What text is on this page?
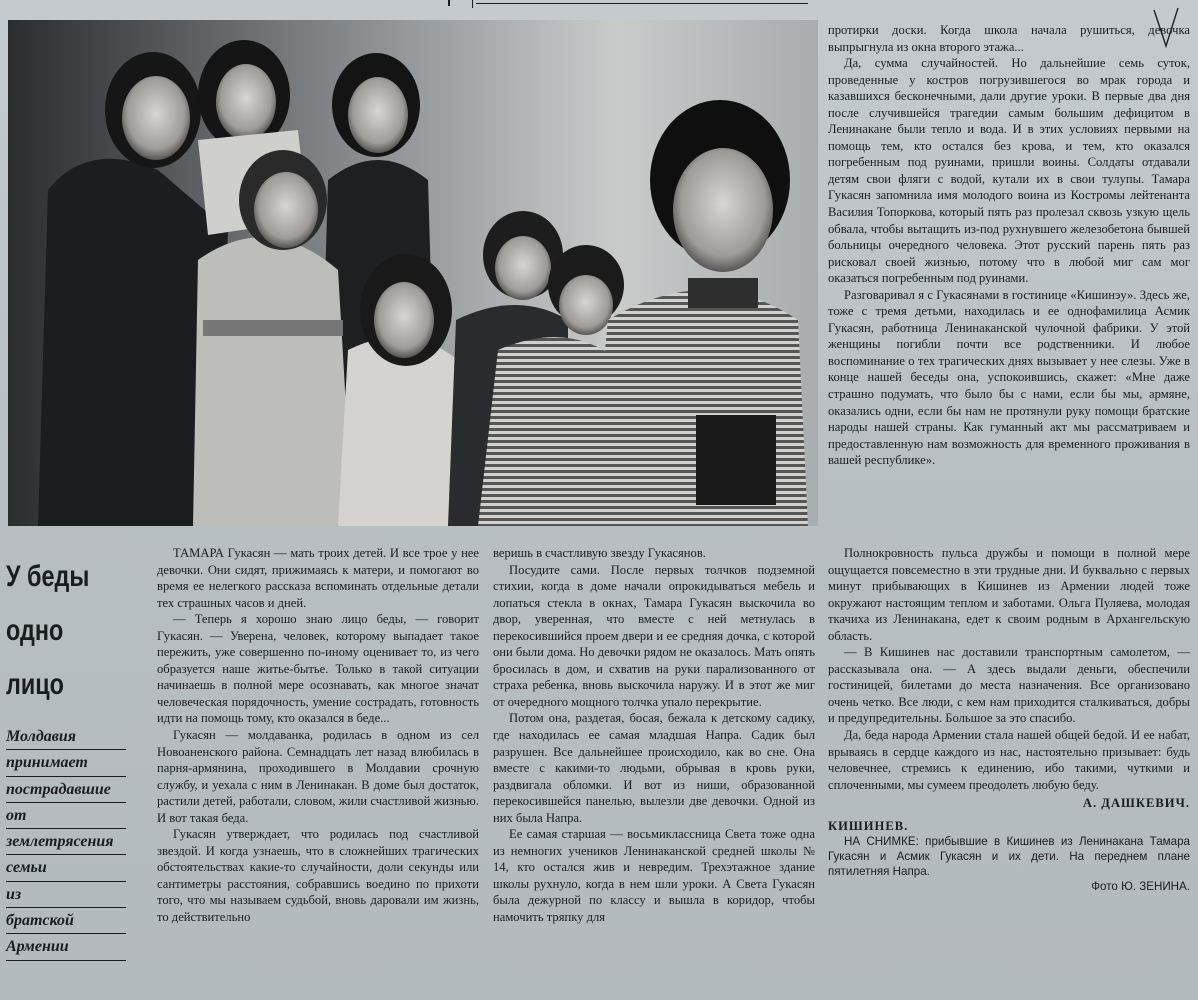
протирки доски. Когда школа начала рушиться, девочка выпрыгнула из окна второго этажа...

Да, сумма случайностей. Но дальнейшие семь суток, проведенные у костров погрузившегося во мрак города и казавшихся бесконечными, дали другие уроки. В первые два дня после случившейся трагедии самым большим дефицитом в Ленинакане были тепло и вода. И в этих условиях первыми на помощь тем, кто остался без крова, и тем, кто оказался погребенным под руинами, пришли воины. Солдаты отдавали детям свои фляги с водой, кутали их в свои тулупы. Тамара Гукасян запомнила имя молодого воина из Костромы лейтенанта Василия Топоркова, который пять раз пролезал сквозь узкую щель обвала, чтобы вытащить из-под рухнувшего железобетона бывшей больницы очередного человека. Этот русский парень пять раз рисковал своей жизнью, потому что в любой миг сам мог оказаться погребенным под руинами.

Разговаривал я с Гукасянами в гостинице «Кишинэу». Здесь же, тоже с тремя детьми, находилась и ее однофамилица Асмик Гукасян, работница Ленинаканской чулочной фабрики. У этой женщины погибли почти все родственники. И любое воспоминание о тех трагических днях вызывает у нее слезы. Уже в конце нашей беседы она, успокоившись, скажет: «Мне даже страшно подумать, что было бы с нами, если бы мы, армяне, оказались одни, если бы нам не протянули руку помощи братские народы нашей страны. Как гуманный акт мы рассматриваем и предоставленную нам возможность для временного проживания в вашей республике».

У беды
одно
лицо
Молдавия
принимает
пострадавшие
от
землетрясения
семьи
из
братской
Армении

ТАМАРА Гукасян — мать троих детей. И все трое у нее девочки. Они сидят, прижимаясь к матери, и помогают во время ее нелегкого рассказа вспоминать отдельные детали тех страшных часов и дней.

— Теперь я хорошо знаю лицо беды, — говорит Гукасян. — Уверена, человек, которому выпадает такое пережить, уже совершенно по-иному оценивает то, из чего образуется наше житье-бытье. Только в такой ситуации начинаешь в полной мере осознавать, как многое значат человеческая порядочность, умение сострадать, готовность идти на помощь тому, кто оказался в беде...

Гукасян — молдаванка, родилась в одном из сел Новоаненского района. Семнадцать лет назад влюбилась в парня-армянина, проходившего в Молдавии срочную службу, и уехала с ним в Ленинакан. В доме был достаток, растили детей, работали, словом, жили счастливой жизнью. И вот такая беда.

Гукасян утверждает, что родилась под счастливой звездой. И когда узнаешь, что в сложнейших трагических обстоятельствах какие-то случайности, доли секунды или сантиметры расстояния, собравшись воедино по прихоти того, что мы называем судьбой, вновь даровали им жизнь, то действительно

веришь в счастливую звезду Гукасянов.

Посудите сами. После первых толчков подземной стихии, когда в доме начали опрокидываться мебель и лопаться стекла в окнах, Тамара Гукасян выскочила во двор, уверенная, что вместе с ней метнулась в перекосившийся проем двери и ее средняя дочка, с которой они были дома. Но девочки рядом не оказалось. Мать опять бросилась в дом, и схватив на руки парализованного от страха ребенка, вновь выскочила наружу. И в этот же миг от очередного мощного толчка упало перекрытие.

Потом она, раздетая, босая, бежала к детскому садику, где находилась ее самая младшая Напра. Садик был разрушен. Все дальнейшее происходило, как во сне. Она вместе с какими-то людьми, обрывая в кровь руки, раздвигала обломки. И вот из ниши, образованной перекосившейся панелью, вылезли две девочки. Одной из них была Напра.

Ее самая старшая — восьмиклассница Света тоже одна из немногих учеников Ленинаканской средней школы № 14, кто остался жив и невредим. Трехэтажное здание школы рухнуло, когда в нем шли уроки. А Света Гукасян была дежурной по классу и вышла в коридор, чтобы намочить тряпку для

Полнокровность пульса дружбы и помощи в полной мере ощущается повсеместно в эти трудные дни. И буквально с первых минут прибывающих в Кишинев из Армении людей тоже окружают настоящим теплом и заботами. Ольга Пуляева, молодая ткачиха из Ленинакана, едет к своим родным в Архангельскую область.

— В Кишинев нас доставили транспортным самолетом, — рассказывала она. — А здесь выдали деньги, обеспечили гостиницей, билетами до места назначения. Все организовано очень четко. Все люди, с кем нам приходится сталкиваться, добры и предупредительны. Большое за это спасибо.

Да, беда народа Армении стала нашей общей бедой. И ее набат, врываясь в сердце каждого из нас, настоятельно призывает: будь человечнее, стремись к единению, ибо такими, чуткими и сплоченными, мы сумеем преодолеть любую беду.

А. ДАШКЕВИЧ.

КИШИНЕВ.

НА СНИМКЕ: прибывшие в Кишинев из Ленинакана Тамара Гукасян и Асмик Гукасян и их дети. На переднем плане пятилетняя Напра.

Фото Ю. ЗЕНИНА.
